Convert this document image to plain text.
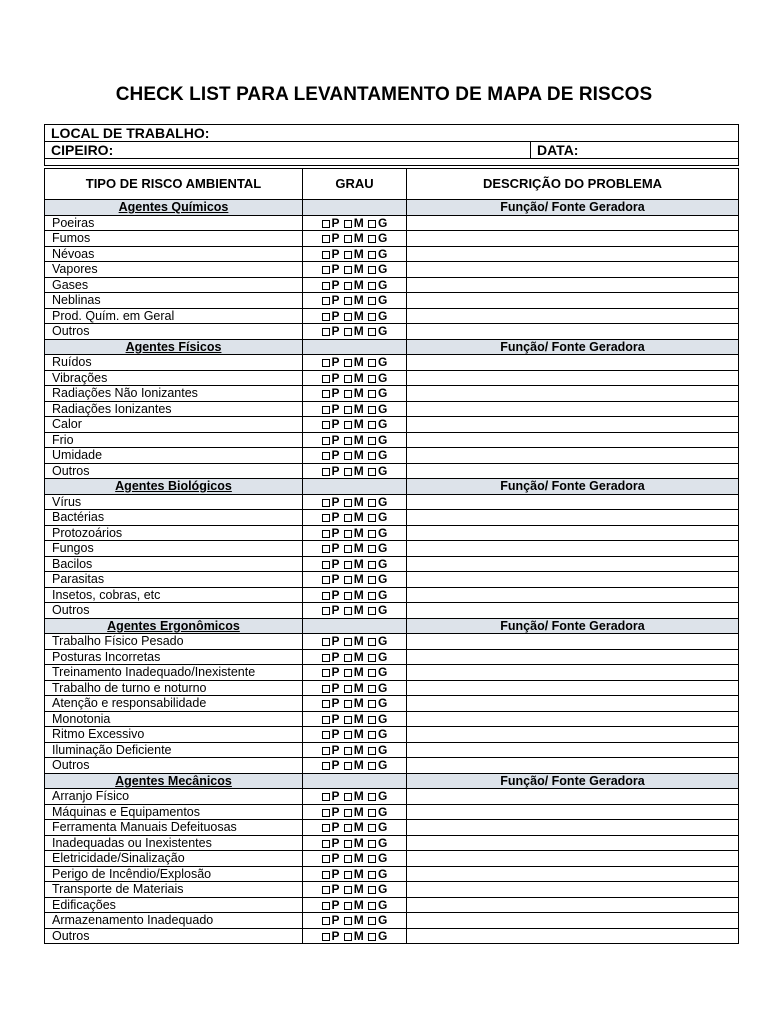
CHECK LIST PARA LEVANTAMENTO DE MAPA DE RISCOS
LOCAL DE TRABALHO:
CIPEIRO:	DATA:

TIPO DE RISCO AMBIENTAL	GRAU	DESCRIÇÃO DO PROBLEMA
Agentes Químicos		Função/ Fonte Geradora
Poeiras	P M G	
Fumos	P M G	
Névoas	P M G	
Vapores	P M G	
Gases	P M G	
Neblinas	P M G	
Prod. Quím. em Geral	P M G	
Outros	P M G	
Agentes Físicos		Função/ Fonte Geradora
Ruídos	P M G	
Vibrações	P M G	
Radiações Não Ionizantes	P M G	
Radiações Ionizantes	P M G	
Calor	P M G	
Frio	P M G	
Umidade	P M G	
Outros	P M G	
Agentes Biológicos		Função/ Fonte Geradora
Vírus	P M G	
Bactérias	P M G	
Protozoários	P M G	
Fungos	P M G	
Bacilos	P M G	
Parasitas	P M G	
Insetos, cobras, etc	P M G	
Outros	P M G	
Agentes Ergonômicos		Função/ Fonte Geradora
Trabalho Físico Pesado	P M G	
Posturas Incorretas	P M G	
Treinamento Inadequado/Inexistente	P M G	
Trabalho de turno e noturno	P M G	
Atenção e responsabilidade	P M G	
Monotonia	P M G	
Ritmo Excessivo	P M G	
Iluminação Deficiente	P M G	
Outros	P M G	
Agentes Mecânicos		Função/ Fonte Geradora
Arranjo Físico	P M G	
Máquinas e Equipamentos	P M G	
Ferramenta Manuais Defeituosas	P M G	
Inadequadas ou Inexistentes	P M G	
Eletricidade/Sinalização	P M G	
Perigo de Incêndio/Explosão	P M G	
Transporte de Materiais	P M G	
Edificações	P M G	
Armazenamento Inadequado	P M G	
Outros	P M G	
